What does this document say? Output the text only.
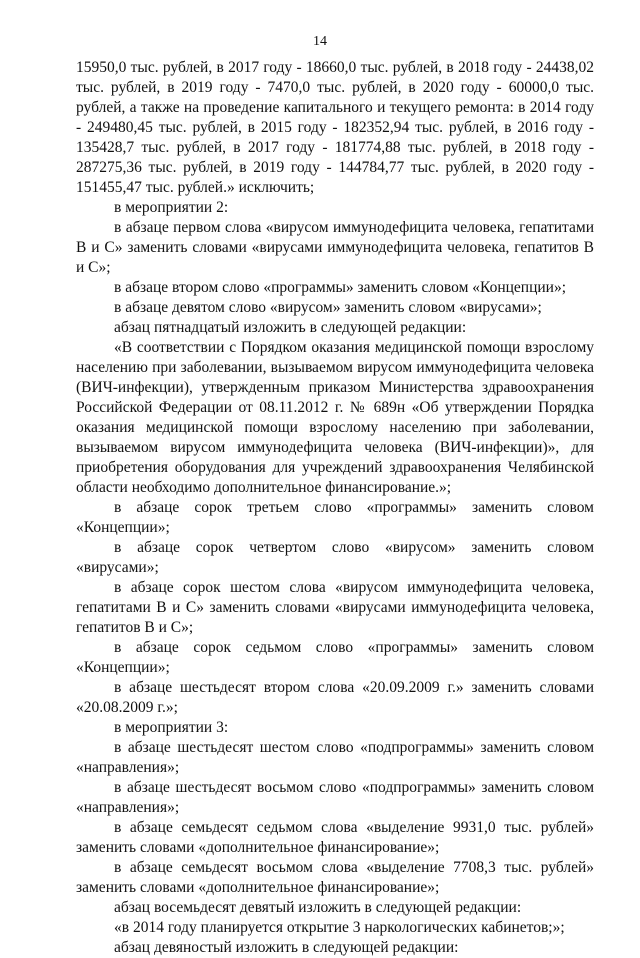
14

15950,0 тыс. рублей, в 2017 году - 18660,0 тыс. рублей, в 2018 году - 24438,02 тыс. рублей, в 2019 году - 7470,0 тыс. рублей, в 2020 году - 60000,0 тыс. рублей, а также на проведение капитального и текущего ремонта: в 2014 году - 249480,45 тыс. рублей, в 2015 году - 182352,94 тыс. рублей, в 2016 году - 135428,7 тыс. рублей, в 2017 году - 181774,88 тыс. рублей, в 2018 году - 287275,36 тыс. рублей, в 2019 году - 144784,77 тыс. рублей, в 2020 году - 151455,47 тыс. рублей.» исключить;

в мероприятии 2:

в абзаце первом слова «вирусом иммунодефицита человека, гепатитами В и С» заменить словами «вирусами иммунодефицита человека, гепатитов В и С»;

в абзаце втором слово «программы» заменить словом «Концепции»;

в абзаце девятом слово «вирусом» заменить словом «вирусами»;

абзац пятнадцатый изложить в следующей редакции:

«В соответствии с Порядком оказания медицинской помощи взрослому населению при заболевании, вызываемом вирусом иммунодефицита человека (ВИЧ-инфекции), утвержденным приказом Министерства здравоохранения Российской Федерации от 08.11.2012 г. № 689н «Об утверждении Порядка оказания медицинской помощи взрослому населению при заболевании, вызываемом вирусом иммунодефицита человека (ВИЧ-инфекции)», для приобретения оборудования для учреждений здравоохранения Челябинской области необходимо дополнительное финансирование.»;

в абзаце сорок третьем слово «программы» заменить словом «Концепции»;

в абзаце сорок четвертом слово «вирусом» заменить словом «вирусами»;

в абзаце сорок шестом слова «вирусом иммунодефицита человека, гепатитами В и С» заменить словами «вирусами иммунодефицита человека, гепатитов В и С»;

в абзаце сорок седьмом слово «программы» заменить словом «Концепции»;

в абзаце шестьдесят втором слова «20.09.2009 г.» заменить словами «20.08.2009 г.»;

в мероприятии 3:

в абзаце шестьдесят шестом слово «подпрограммы» заменить словом «направления»;

в абзаце шестьдесят восьмом слово «подпрограммы» заменить словом «направления»;

в абзаце семьдесят седьмом слова «выделение 9931,0 тыс. рублей» заменить словами «дополнительное финансирование»;

в абзаце семьдесят восьмом слова «выделение 7708,3 тыс. рублей» заменить словами «дополнительное финансирование»;

абзац восемьдесят девятый изложить в следующей редакции:

«в 2014 году планируется открытие 3 наркологических кабинетов;»;

абзац девяностый изложить в следующей редакции:
